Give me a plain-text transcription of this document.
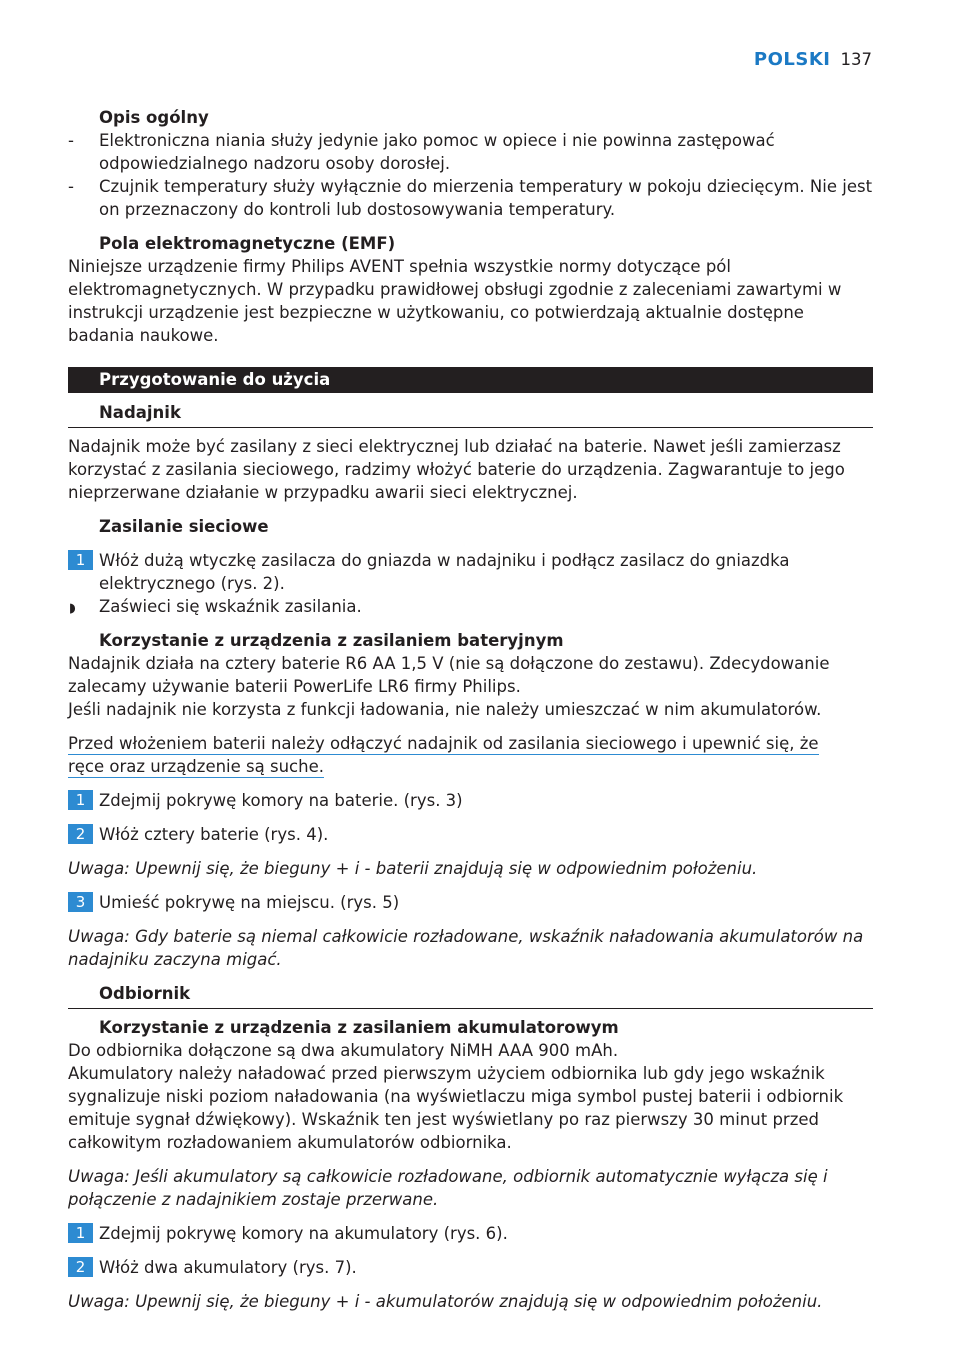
POLSKI 137
Opis ogólny
- Elektroniczna niania służy jedynie jako pomoc w opiece i nie powinna zastępować odpowiedzialnego nadzoru osoby dorosłej.
- Czujnik temperatury służy wyłącznie do mierzenia temperatury w pokoju dziecięcym. Nie jest on przeznaczony do kontroli lub dostosowywania temperatury.
Pola elektromagnetyczne (EMF)

Niniejsze urządzenie firmy Philips AVENT spełnia wszystkie normy dotyczące pól elektromagnetycznych. W przypadku prawidłowej obsługi zgodnie z zaleceniami zawartymi w instrukcji urządzenie jest bezpieczne w użytkowaniu, co potwierdzają aktualnie dostępne badania naukowe.

Przygotowanie do użycia
Nadajnik

Nadajnik może być zasilany z sieci elektrycznej lub działać na baterie. Nawet jeśli zamierzasz korzystać z zasilania sieciowego, radzimy włożyć baterie do urządzenia. Zagwarantuje to jego nieprzerwane działanie w przypadku awarii sieci elektrycznej.

Zasilanie sieciowe
1 Włóż dużą wtyczkę zasilacza do gniazda w nadajniku i podłącz zasilacz do gniazdka elektrycznego (rys. 2).
◗ Zaświeci się wskaźnik zasilania.
Korzystanie z urządzenia z zasilaniem bateryjnym

Nadajnik działa na cztery baterie R6 AA 1,5 V (nie są dołączone do zestawu). Zdecydowanie zalecamy używanie baterii PowerLife LR6 firmy Philips.

Jeśli nadajnik nie korzysta z funkcji ładowania, nie należy umieszczać w nim akumulatorów.

Przed włożeniem baterii należy odłączyć nadajnik od zasilania sieciowego i upewnić się, że ręce oraz urządzenie są suche.

1 Zdejmij pokrywę komory na baterie. (rys. 3)
2 Włóż cztery baterie (rys. 4).

Uwaga: Upewnij się, że bieguny + i - baterii znajdują się w odpowiednim położeniu.

3 Umieść pokrywę na miejscu. (rys. 5)

Uwaga: Gdy baterie są niemal całkowicie rozładowane, wskaźnik naładowania akumulatorów na nadajniku zaczyna migać.

Odbiornik
Korzystanie z urządzenia z zasilaniem akumulatorowym

Do odbiornika dołączone są dwa akumulatory NiMH AAA 900 mAh.

Akumulatory należy naładować przed pierwszym użyciem odbiornika lub gdy jego wskaźnik sygnalizuje niski poziom naładowania (na wyświetlaczu miga symbol pustej baterii i odbiornik emituje sygnał dźwiękowy). Wskaźnik ten jest wyświetlany po raz pierwszy 30 minut przed całkowitym rozładowaniem akumulatorów odbiornika.

Uwaga: Jeśli akumulatory są całkowicie rozładowane, odbiornik automatycznie wyłącza się i połączenie z nadajnikiem zostaje przerwane.

1 Zdejmij pokrywę komory na akumulatory (rys. 6).
2 Włóż dwa akumulatory (rys. 7).

Uwaga: Upewnij się, że bieguny + i - akumulatorów znajdują się w odpowiednim położeniu.
